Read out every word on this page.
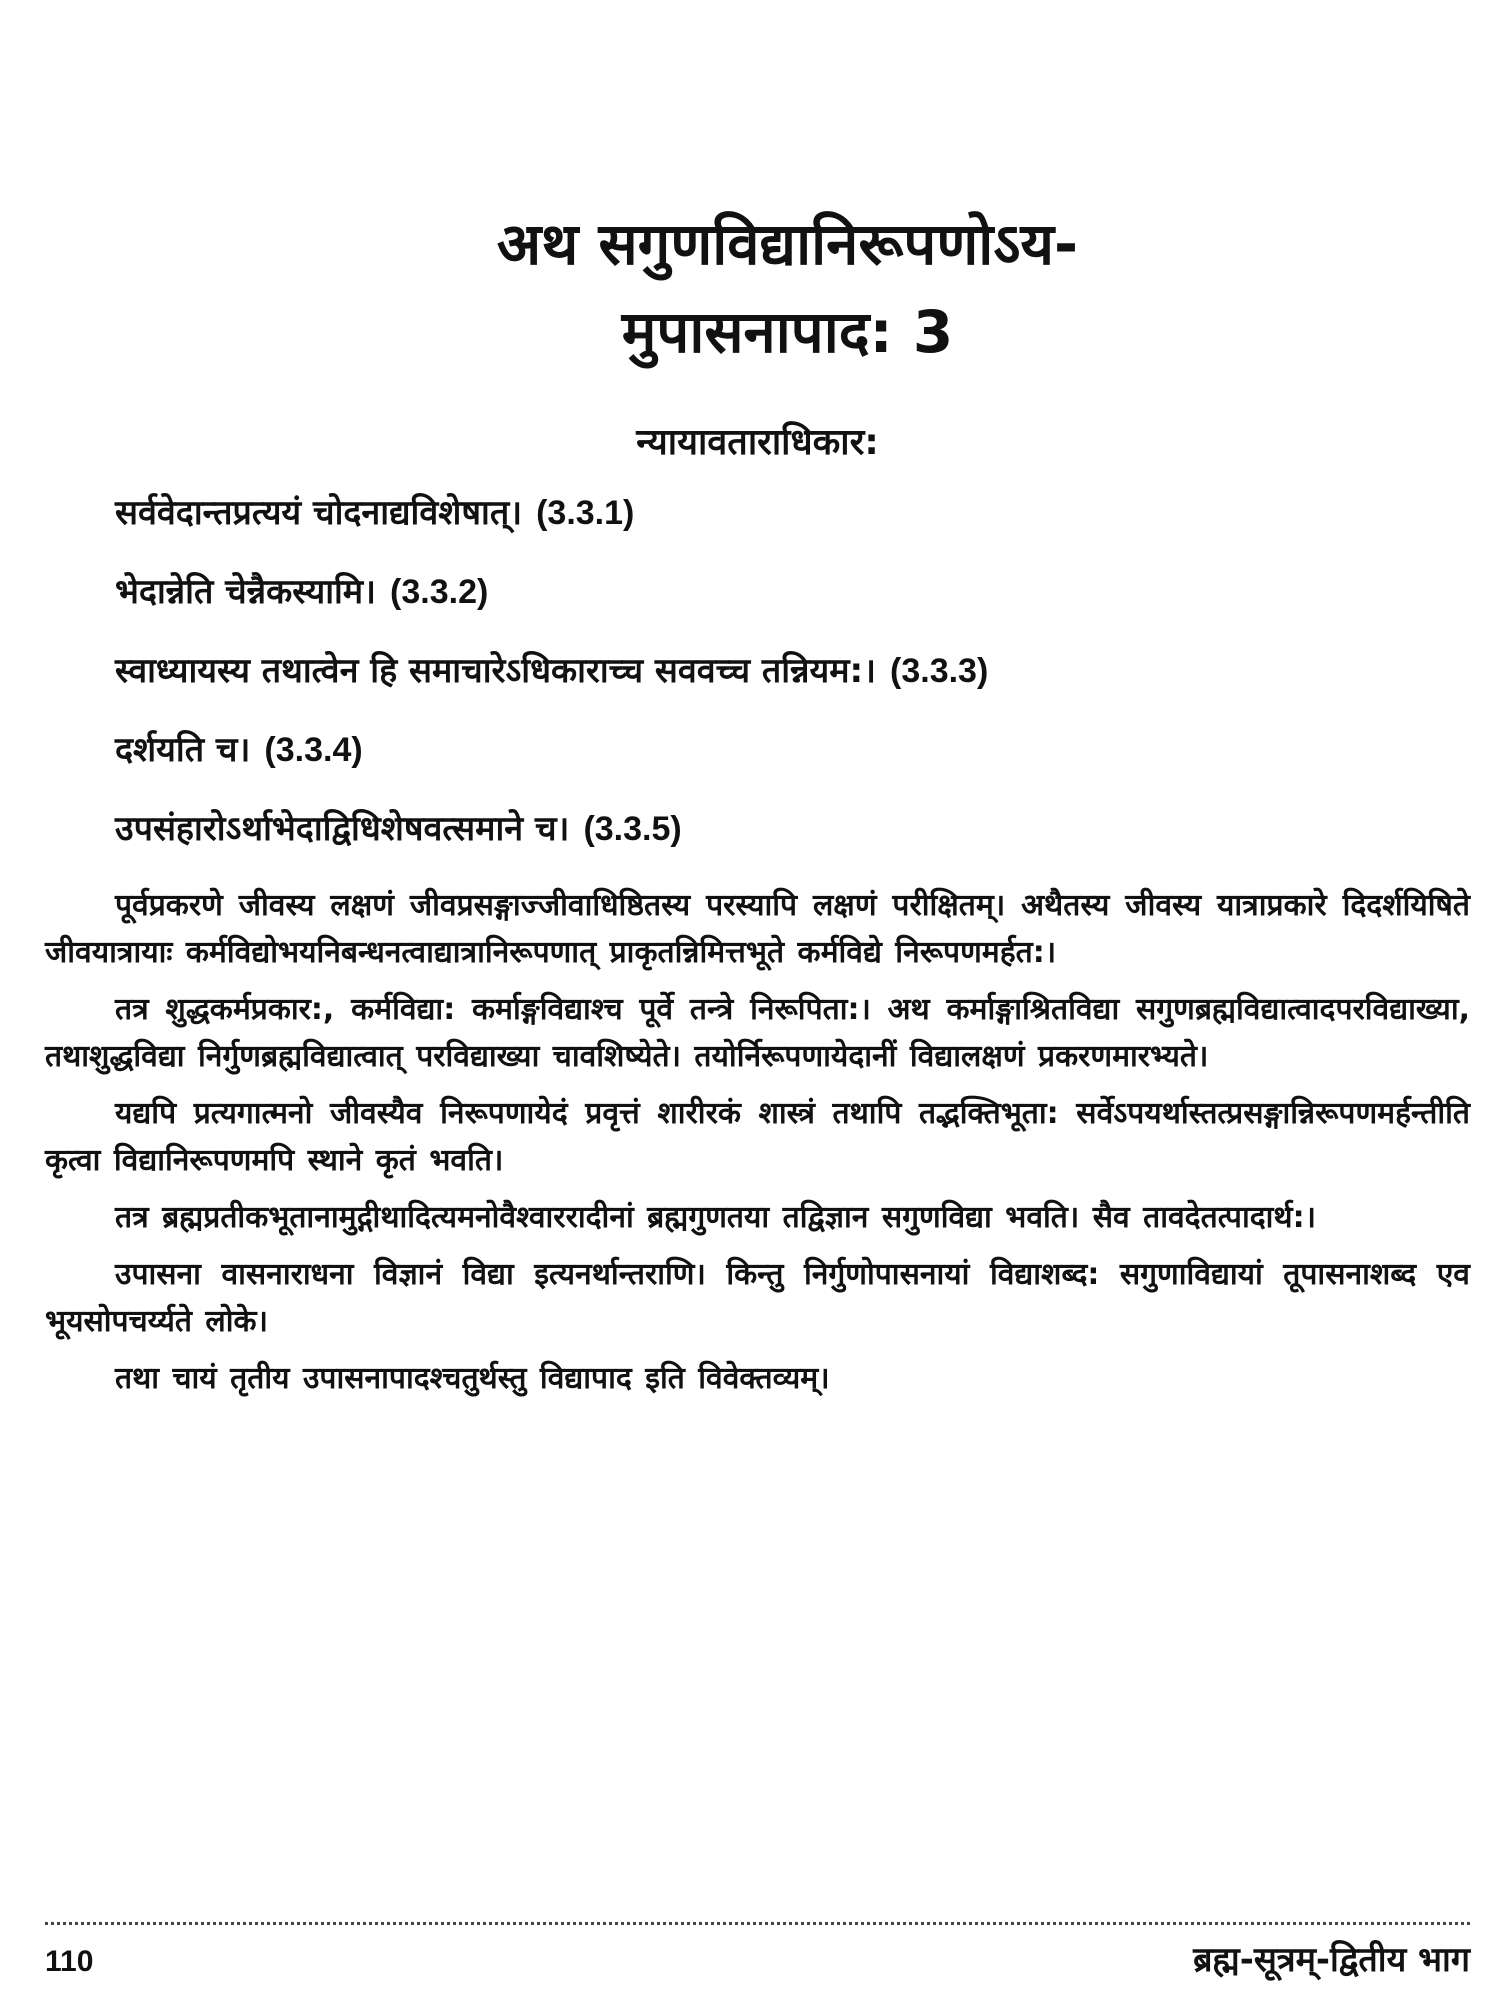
अथ सगुणविद्यानिरूपणोऽय-
मुपासनापाद: 3
न्यायावताराधिकार:
सर्ववेदान्तप्रत्ययं चोदनाद्यविशेषात्। (3.3.1)
भेदान्नेति चेन्नैकस्यामि। (3.3.2)
स्वाध्यायस्य तथात्वेन हि समाचारेऽधिकाराच्च सववच्च तन्नियम:। (3.3.3)
दर्शयति च। (3.3.4)
उपसंहारोऽर्थाभेदाद्विधिशेषवत्समाने च। (3.3.5)

पूर्वप्रकरणे जीवस्य लक्षणं जीवप्रसङ्गाज्जीवाधिष्ठितस्य परस्यापि लक्षणं परीक्षितम्। अथैतस्य जीवस्य यात्राप्रकारे दिदर्शयिषिते जीवयात्रायाः कर्मविद्योभयनिबन्धनत्वाद्यात्रानिरूपणात् प्राकृतन्निमित्तभूते कर्मविद्ये निरूपणमर्हत:।

तत्र शुद्धकर्मप्रकार:, कर्मविद्या: कर्माङ्गविद्याश्च पूर्वे तन्त्रे निरूपिता:। अथ कर्माङ्गाश्रितविद्या सगुणब्रह्मविद्यात्वादपरविद्याख्या, तथाशुद्धविद्या निर्गुणब्रह्मविद्यात्वात् परविद्याख्या चावशिष्येते। तयोर्निरूपणायेदानीं विद्यालक्षणं प्रकरणमारभ्यते।

यद्यपि प्रत्यगात्मनो जीवस्यैव निरूपणायेदं प्रवृत्तं शारीरकं शास्त्रं तथापि तद्भक्तिभूता: सर्वेऽपयर्थास्तत्प्रसङ्गान्निरूपणमर्हन्तीति कृत्वा विद्यानिरूपणमपि स्थाने कृतं भवति।

तत्र ब्रह्मप्रतीकभूतानामुद्गीथादित्यमनोवैश्वाररादीनां ब्रह्मगुणतया तद्विज्ञान सगुणविद्या भवति। सैव तावदेतत्पादार्थ:।

उपासना वासनाराधना विज्ञानं विद्या इत्यनर्थान्तराणि। किन्तु निर्गुणोपासनायां विद्याशब्द: सगुणाविद्यायां तूपासनाशब्द एव भूयसोपचर्य्यते लोके।

तथा चायं तृतीय उपासनापादश्चतुर्थस्तु विद्यापाद इति विवेक्तव्यम्।

110	ब्रह्म-सूत्रम्-द्वितीय भाग
